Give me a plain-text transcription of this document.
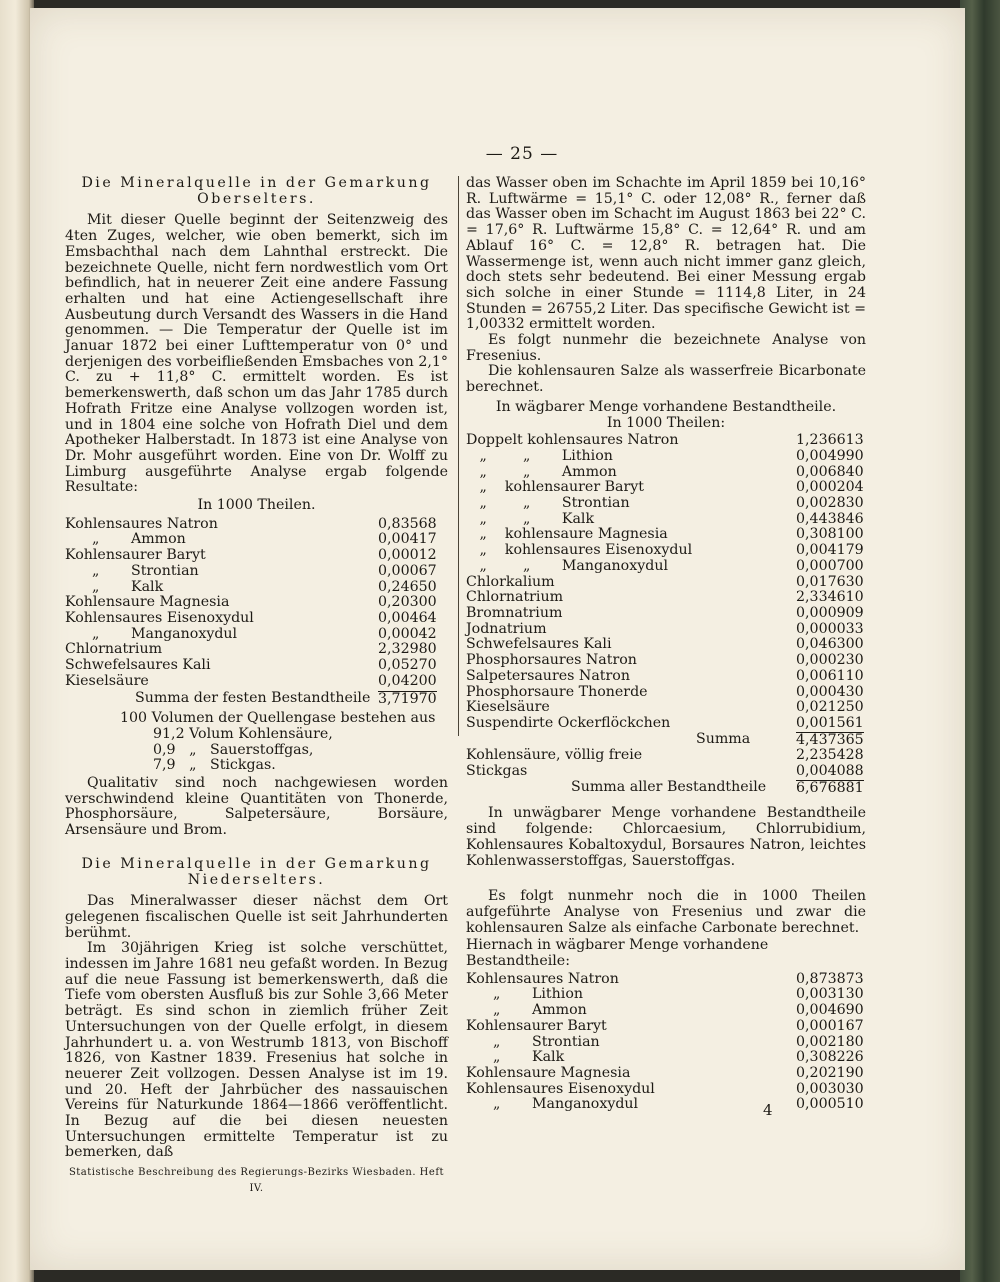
— 25 —

Die Mineralquelle in der Gemarkung Oberselters.

Mit dieser Quelle beginnt der Seitenzweig des 4ten Zuges, welcher, wie oben bemerkt, sich im Emsbachthal nach dem Lahnthal erstreckt. Die bezeichnete Quelle, nicht fern nordwestlich vom Ort befindlich, hat in neuerer Zeit eine andere Fassung erhalten und hat eine Actiengesellschaft ihre Ausbeutung durch Versandt des Wassers in die Hand genommen. — Die Temperatur der Quelle ist im Januar 1872 bei einer Lufttemperatur von 0° und derjenigen des vorbeifließenden Emsbaches von 2,1° C. zu + 11,8° C. ermittelt worden. Es ist bemerkenswerth, daß schon um das Jahr 1785 durch Hofrath Fritze eine Analyse vollzogen worden ist, und in 1804 eine solche von Hofrath Diel und dem Apotheker Halberstadt. In 1873 ist eine Analyse von Dr. Mohr ausgeführt worden. Eine von Dr. Wolff zu Limburg ausgeführte Analyse ergab folgende Resultate:

In 1000 Theilen.

Kohlensaures Natron	0,83568
„       Ammon	0,00417
Kohlensaurer Baryt	0,00012
„       Strontian	0,00067
„       Kalk	0,24650
Kohlensaure Magnesia	0,20300
Kohlensaures Eisenoxydul	0,00464
„       Manganoxydul	0,00042
Chlornatrium	2,32980
Schwefelsaures Kali	0,05270
Kieselsäure	0,04200
Summa der festen Bestandtheile 3,71970

100 Volumen der Quellengase bestehen aus

91,2 Volum Kohlensäure,
0,9   „   Sauerstoffgas,
7,9   „   Stickgas.

Qualitativ sind noch nachgewiesen worden verschwindend kleine Quantitäten von Thonerde, Phosphorsäure, Salpetersäure, Borsäure, Arsensäure und Brom.

Die Mineralquelle in der Gemarkung Niederselters.

Das Mineralwasser dieser nächst dem Ort gelegenen fiscalischen Quelle ist seit Jahrhunderten berühmt.

Im 30jährigen Krieg ist solche verschüttet, indessen im Jahre 1681 neu gefaßt worden. In Bezug auf die neue Fassung ist bemerkenswerth, daß die Tiefe vom obersten Ausfluß bis zur Sohle 3,66 Meter beträgt. Es sind schon in ziemlich früher Zeit Untersuchungen von der Quelle erfolgt, in diesem Jahrhundert u. a. von Westrumb 1813, von Bischoff 1826, von Kastner 1839. Fresenius hat solche in neuerer Zeit vollzogen. Dessen Analyse ist im 19. und 20. Heft der Jahrbücher des nassauischen Vereins für Naturkunde 1864—1866 veröffentlicht. In Bezug auf die bei diesen neuesten Untersuchungen ermittelte Temperatur ist zu bemerken, daß

Statistische Beschreibung des Regierungs-Bezirks Wiesbaden. Heft IV.

das Wasser oben im Schachte im April 1859 bei 10,16° R. Luftwärme = 15,1° C. oder 12,08° R., ferner daß das Wasser oben im Schacht im August 1863 bei 22° C. = 17,6° R. Luftwärme 15,8° C. = 12,64° R. und am Ablauf 16° C. = 12,8° R. betragen hat. Die Wassermenge ist, wenn auch nicht immer ganz gleich, doch stets sehr bedeutend. Bei einer Messung ergab sich solche in einer Stunde = 1114,8 Liter, in 24 Stunden = 26755,2 Liter. Das specifische Gewicht ist = 1,00332 ermittelt worden.

Es folgt nunmehr die bezeichnete Analyse von Fresenius.

Die kohlensauren Salze als wasserfreie Bicarbonate berechnet.

In wägbarer Menge vorhandene Bestandtheile.

In 1000 Theilen:

Doppelt kohlensaures Natron	1,236613
„        „       Lithion	0,004990
„        „       Ammon	0,006840
„    kohlensaurer Baryt	0,000204
„        „       Strontian	0,002830
„        „       Kalk	0,443846
„    kohlensaure Magnesia	0,308100
„    kohlensaures Eisenoxydul	0,004179
„        „       Manganoxydul	0,000700
Chlorkalium	0,017630
Chlornatrium	2,334610
Bromnatrium	0,000909
Jodnatrium	0,000033
Schwefelsaures Kali	0,046300
Phosphorsaures Natron	0,000230
Salpetersaures Natron	0,006110
Phosphorsaure Thonerde	0,000430
Kieselsäure	0,021250
Suspendirte Ockerflöckchen	0,001561
Summa	4,437365
Kohlensäure, völlig freie	2,235428
Stickgas	0,004088
Summa aller Bestandtheile 6,676881

In unwägbarer Menge vorhandene Bestandtheile sind folgende: Chlorcaesium, Chlorrubidium, Kohlensaures Kobaltoxydul, Borsaures Natron, leichtes Kohlenwasserstoffgas, Sauerstoffgas.

Es folgt nunmehr noch die in 1000 Theilen aufgeführte Analyse von Fresenius und zwar die kohlensauren Salze als einfache Carbonate berechnet.

Hiernach in wägbarer Menge vorhandene Bestandtheile:

Kohlensaures Natron	0,873873
„       Lithion	0,003130
„       Ammon	0,004690
Kohlensaurer Baryt	0,000167
„       Strontian	0,002180
„       Kalk	0,308226
Kohlensaure Magnesia	0,202190
Kohlensaures Eisenoxydul	0,003030
„       Manganoxydul	0,000510
4
